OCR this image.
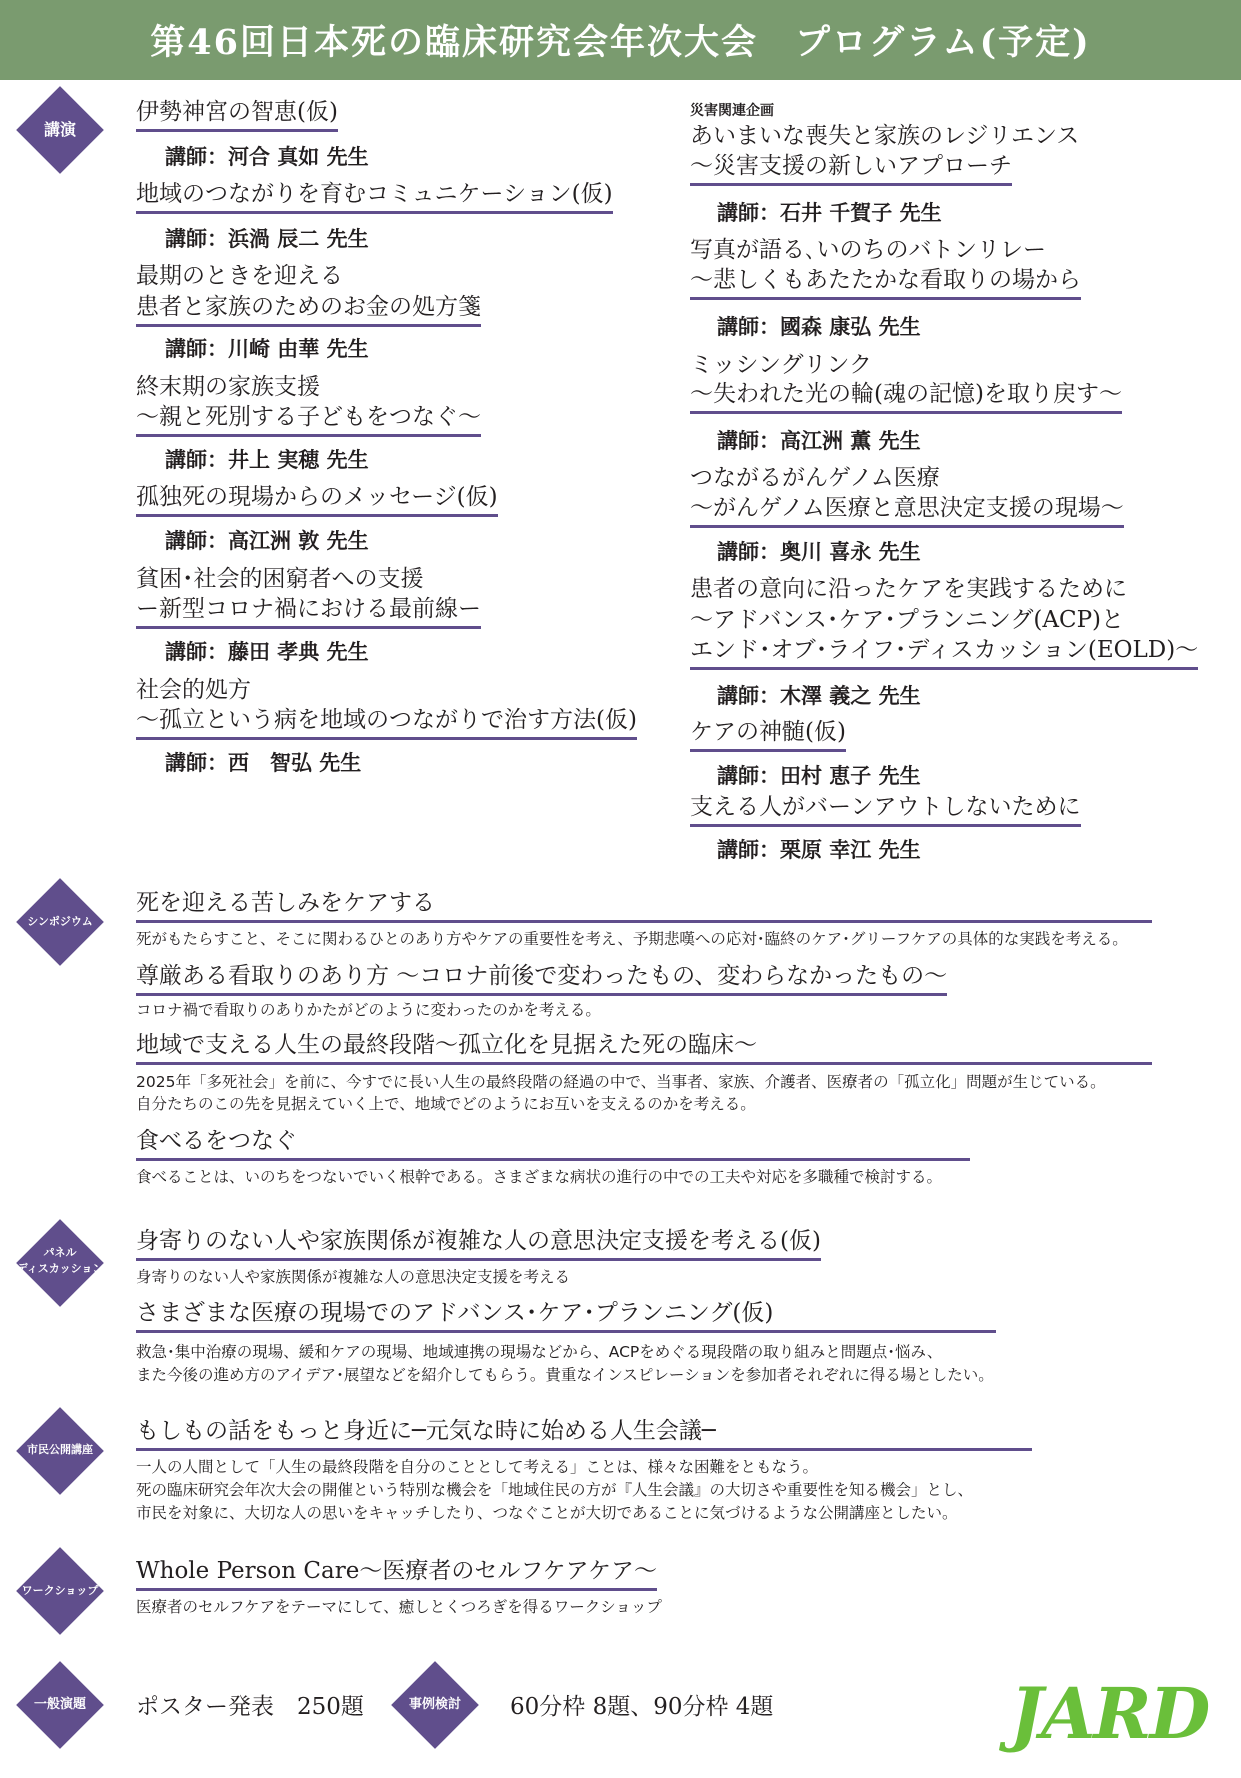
第46回日本死の臨床研究会年次大会　プログラム(予定)
講演
シンポジウム
パネル
ディスカッション
市民公開講座
ワークショップ
一般演題	事例検討
伊勢神宮の智恵(仮)
講師：河合 真如 先生
地域のつながりを育むコミュニケーション(仮)
講師：浜渦 辰二 先生
最期のときを迎える
患者と家族のためのお金の処方箋
講師：川崎 由華 先生
終末期の家族支援
～親と死別する子どもをつなぐ～
講師：井上 実穂 先生
孤独死の現場からのメッセージ(仮)
講師：高江洲 敦 先生
貧困･社会的困窮者への支援
ー新型コロナ禍における最前線ー
講師：藤田 孝典 先生
社会的処方
～孤立という病を地域のつながりで治す方法(仮)
講師：西　智弘 先生
災害関連企画
あいまいな喪失と家族のレジリエンス
～災害支援の新しいアプローチ
講師：石井 千賀子 先生
写真が語る､いのちのバトンリレー
～悲しくもあたたかな看取りの場から
講師：國森 康弘 先生
ミッシングリンク
～失われた光の輪(魂の記憶)を取り戻す～
講師：高江洲 薫 先生
つながるがんゲノム医療
～がんゲノム医療と意思決定支援の現場～
講師：奥川 喜永 先生
患者の意向に沿ったケアを実践するために
～アドバンス･ケア･プランニング(ACP)と
エンド･オブ･ライフ･ディスカッション(EOLD)～
講師：木澤 義之 先生
ケアの神髄(仮)
講師：田村 恵子 先生
支える人がバーンアウトしないために
講師：栗原 幸江 先生
死を迎える苦しみをケアする
死がもたらすこと、そこに関わるひとのあり方やケアの重要性を考え、予期悲嘆への応対･臨終のケア･グリーフケアの具体的な実践を考える。
尊厳ある看取りのあり方 ～コロナ前後で変わったもの、変わらなかったもの～
コロナ禍で看取りのありかたがどのように変わったのかを考える。
地域で支える人生の最終段階～孤立化を見据えた死の臨床～
2025年「多死社会」を前に、今すでに長い人生の最終段階の経過の中で、当事者、家族、介護者、医療者の「孤立化」問題が生じている。
自分たちのこの先を見据えていく上で、地域でどのようにお互いを支えるのかを考える。
食べるをつなぐ
食べることは、いのちをつないでいく根幹である。さまざまな病状の進行の中での工夫や対応を多職種で検討する。
身寄りのない人や家族関係が複雑な人の意思決定支援を考える(仮)
身寄りのない人や家族関係が複雑な人の意思決定支援を考える
さまざまな医療の現場でのアドバンス･ケア･プランニング(仮)
救急･集中治療の現場、緩和ケアの現場、地域連携の現場などから、ACPをめぐる現段階の取り組みと問題点･悩み、
また今後の進め方のアイデア･展望などを紹介してもらう。貴重なインスピレーションを参加者それぞれに得る場としたい。
もしもの話をもっと身近に─元気な時に始める人生会議─
一人の人間として「人生の最終段階を自分のこととして考える」ことは、様々な困難をともなう。
死の臨床研究会年次大会の開催という特別な機会を「地域住民の方が『人生会議』の大切さや重要性を知る機会」とし、
市民を対象に、大切な人の思いをキャッチしたり、つなぐことが大切であることに気づけるような公開講座としたい。
Whole Person Care～医療者のセルフケアケア～
医療者のセルフケアをテーマにして、癒しとくつろぎを得るワークショップ
ポスター発表　250題	60分枠 8題、90分枠 4題	JARD
